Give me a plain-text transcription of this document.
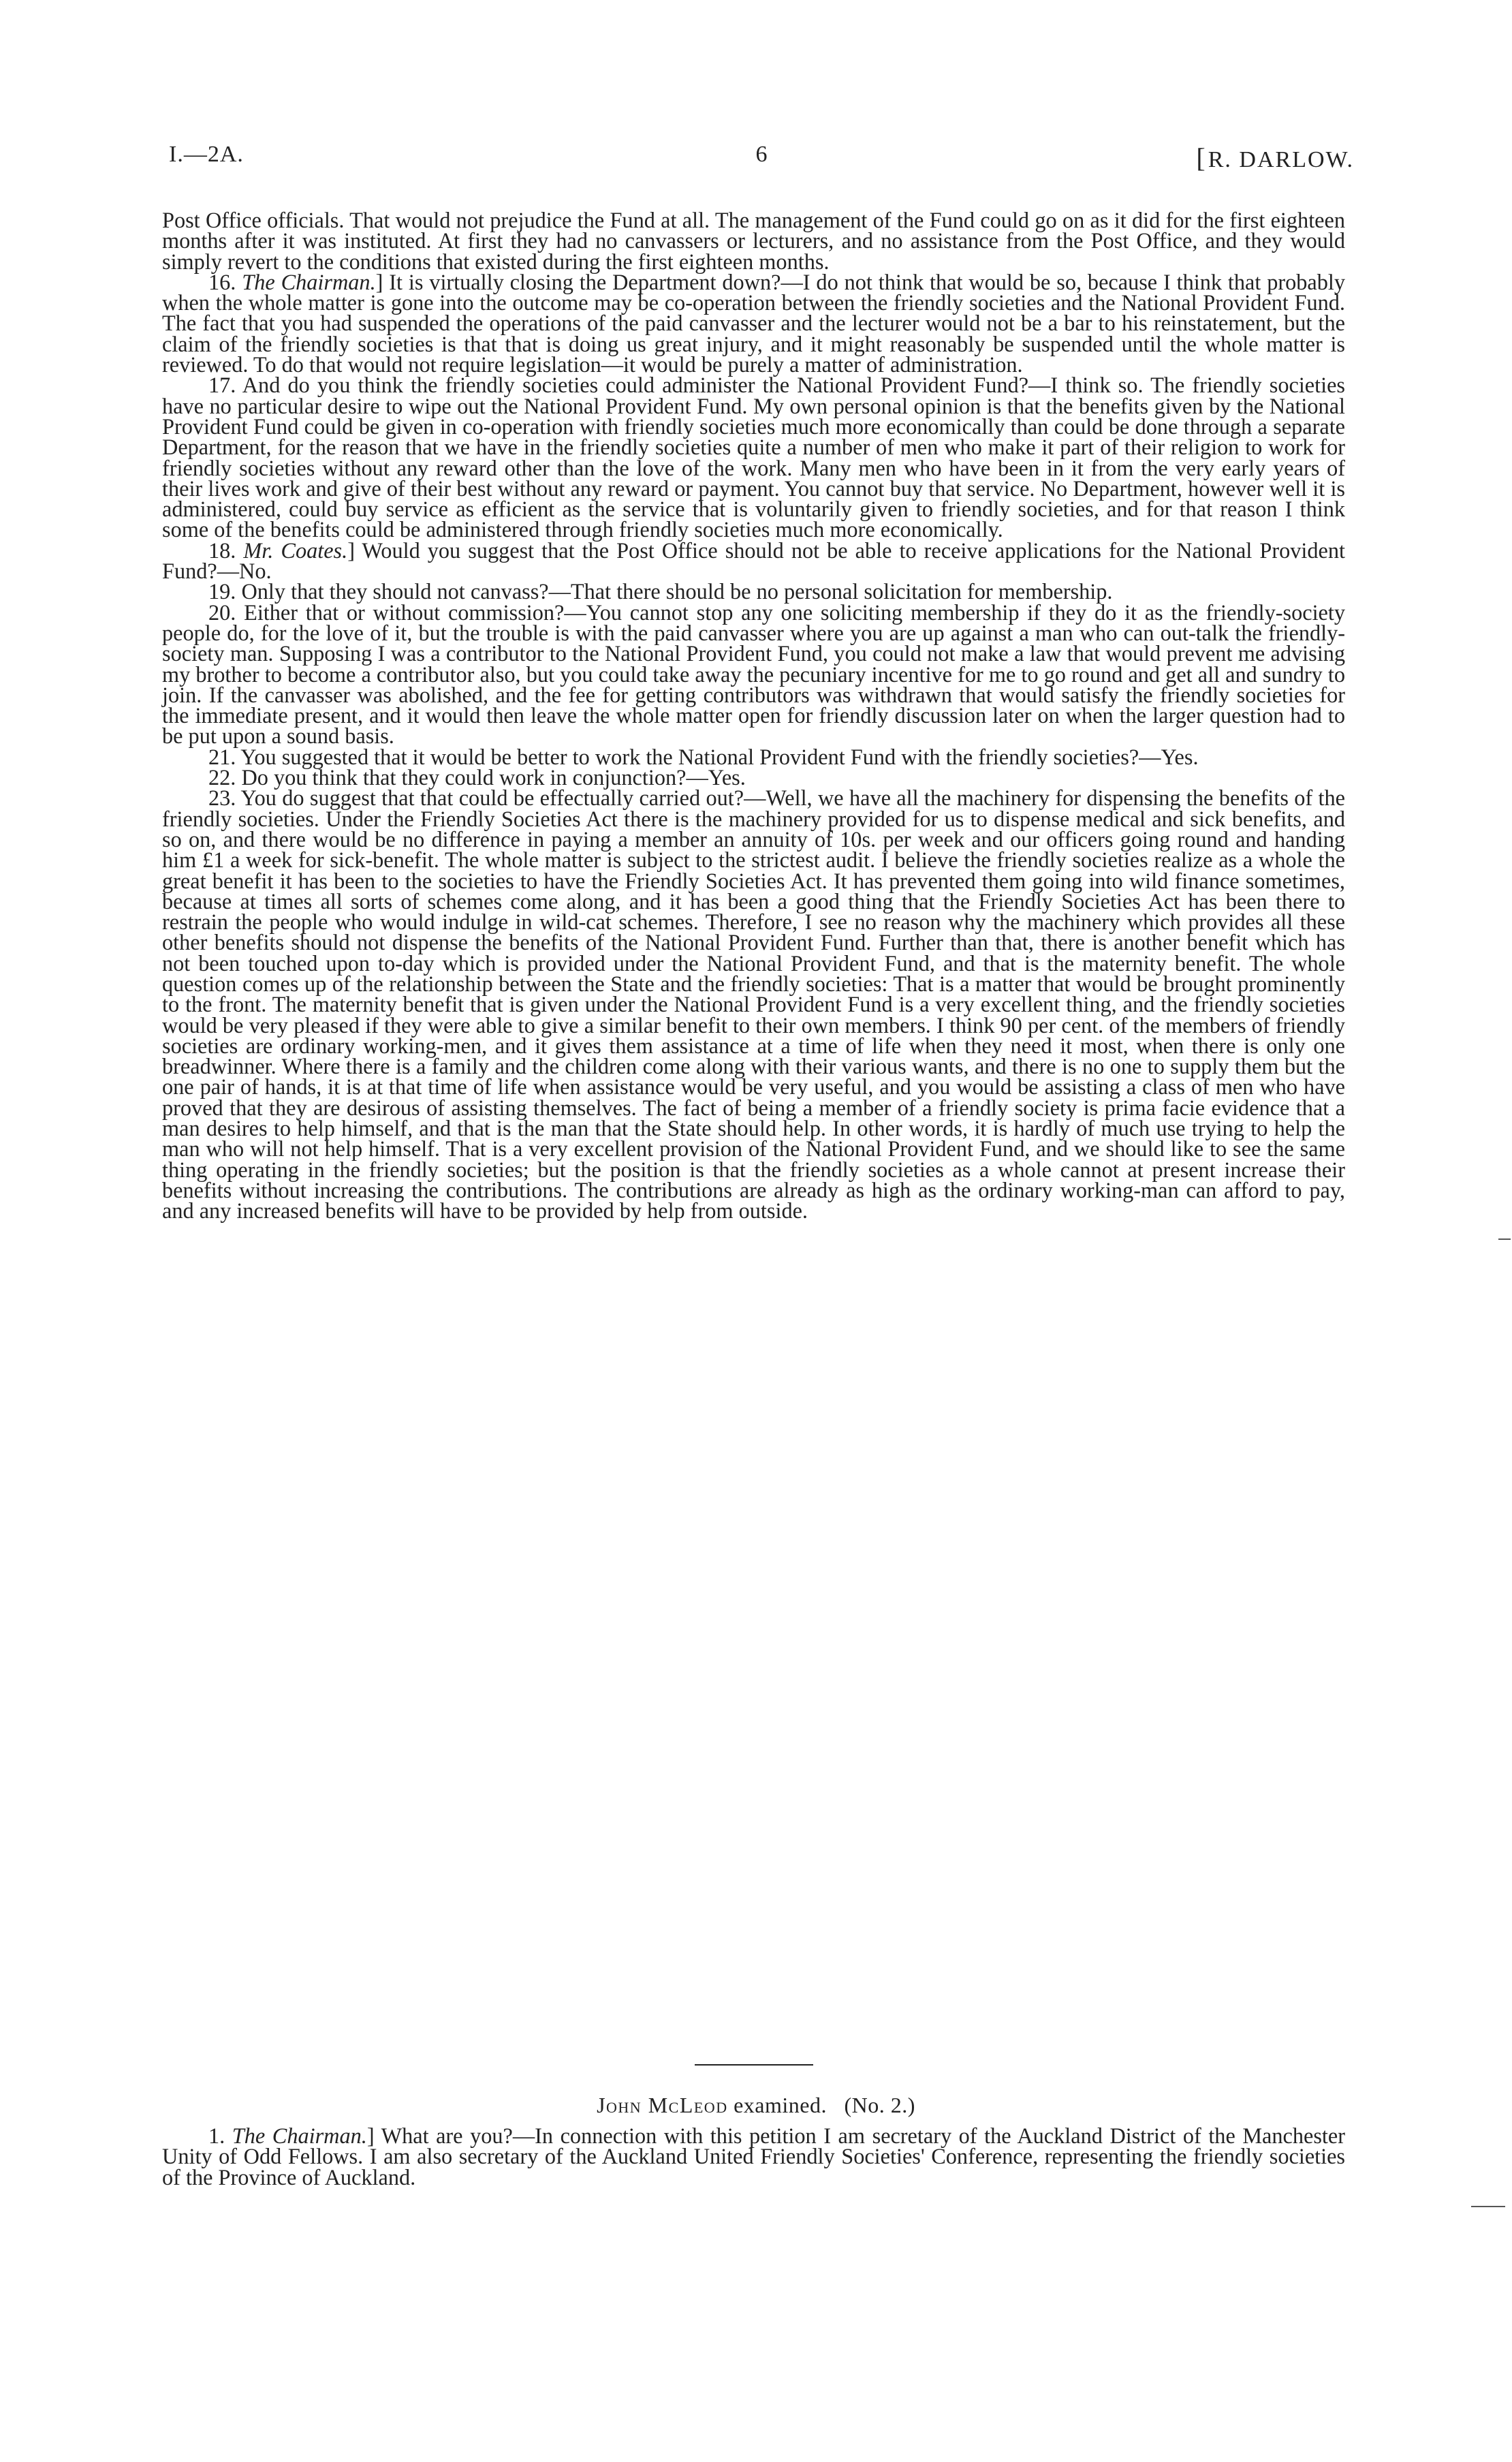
I.—2A.	6	[R. DARLOW.

Post Office officials. That would not prejudice the Fund at all. The management of the Fund could go on as it did for the first eighteen months after it was instituted. At first they had no canvassers or lecturers, and no assistance from the Post Office, and they would simply revert to the conditions that existed during the first eighteen months.

16. The Chairman.] It is virtually closing the Department down?—I do not think that would be so, because I think that probably when the whole matter is gone into the outcome may be co-operation between the friendly societies and the National Provident Fund. The fact that you had suspended the operations of the paid canvasser and the lecturer would not be a bar to his reinstatement, but the claim of the friendly societies is that that is doing us great injury, and it might reasonably be suspended until the whole matter is reviewed. To do that would not require legislation—it would be purely a matter of administration.

17. And do you think the friendly societies could administer the National Provident Fund?—I think so. The friendly societies have no particular desire to wipe out the National Provident Fund. My own personal opinion is that the benefits given by the National Provident Fund could be given in co-operation with friendly societies much more economically than could be done through a separate Department, for the reason that we have in the friendly societies quite a number of men who make it part of their religion to work for friendly societies without any reward other than the love of the work. Many men who have been in it from the very early years of their lives work and give of their best without any reward or payment. You cannot buy that service. No Department, however well it is administered, could buy service as efficient as the service that is voluntarily given to friendly societies, and for that reason I think some of the benefits could be administered through friendly societies much more economically.

18. Mr. Coates.] Would you suggest that the Post Office should not be able to receive applications for the National Provident Fund?—No.

19. Only that they should not canvass?—That there should be no personal solicitation for membership.

20. Either that or without commission?—You cannot stop any one soliciting membership if they do it as the friendly-society people do, for the love of it, but the trouble is with the paid canvasser where you are up against a man who can out-talk the friendly-society man. Supposing I was a contributor to the National Provident Fund, you could not make a law that would prevent me advising my brother to become a contributor also, but you could take away the pecuniary incentive for me to go round and get all and sundry to join. If the canvasser was abolished, and the fee for getting contributors was withdrawn that would satisfy the friendly societies for the immediate present, and it would then leave the whole matter open for friendly discussion later on when the larger question had to be put upon a sound basis.

21. You suggested that it would be better to work the National Provident Fund with the friendly societies?—Yes.

22. Do you think that they could work in conjunction?—Yes.

23. You do suggest that that could be effectually carried out?—Well, we have all the machinery for dispensing the benefits of the friendly societies. Under the Friendly Societies Act there is the machinery provided for us to dispense medical and sick benefits, and so on, and there would be no difference in paying a member an annuity of 10s. per week and our officers going round and handing him £1 a week for sick-benefit. The whole matter is subject to the strictest audit. I believe the friendly societies realize as a whole the great benefit it has been to the societies to have the Friendly Societies Act. It has prevented them going into wild finance sometimes, because at times all sorts of schemes come along, and it has been a good thing that the Friendly Societies Act has been there to restrain the people who would indulge in wild-cat schemes. Therefore, I see no reason why the machinery which provides all these other benefits should not dispense the benefits of the National Provident Fund. Further than that, there is another benefit which has not been touched upon to-day which is provided under the National Provident Fund, and that is the maternity benefit. The whole question comes up of the relationship between the State and the friendly societies: That is a matter that would be brought prominently to the front. The maternity benefit that is given under the National Provident Fund is a very excellent thing, and the friendly societies would be very pleased if they were able to give a similar benefit to their own members. I think 90 per cent. of the members of friendly societies are ordinary working-men, and it gives them assistance at a time of life when they need it most, when there is only one breadwinner. Where there is a family and the children come along with their various wants, and there is no one to supply them but the one pair of hands, it is at that time of life when assistance would be very useful, and you would be assisting a class of men who have proved that they are desirous of assisting themselves. The fact of being a member of a friendly society is prima facie evidence that a man desires to help himself, and that is the man that the State should help. In other words, it is hardly of much use trying to help the man who will not help himself. That is a very excellent provision of the National Provident Fund, and we should like to see the same thing operating in the friendly societies; but the position is that the friendly societies as a whole cannot at present increase their benefits without increasing the contributions. The contributions are already as high as the ordinary working-man can afford to pay, and any increased benefits will have to be provided by help from outside.

John McLeod examined. (No. 2.)

1. The Chairman.] What are you?—In connection with this petition I am secretary of the Auckland District of the Manchester Unity of Odd Fellows. I am also secretary of the Auckland United Friendly Societies' Conference, representing the friendly societies of the Province of Auckland.
